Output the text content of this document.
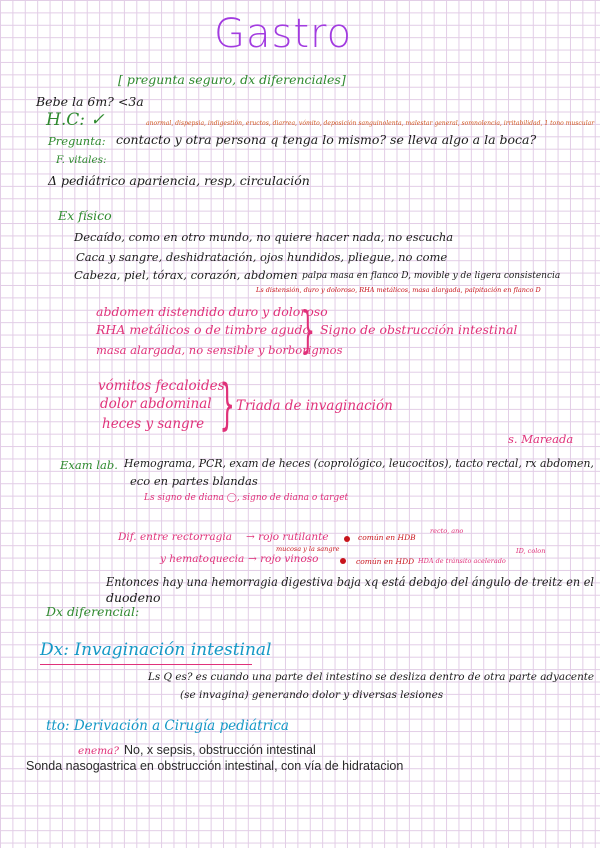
Gastro
[ pregunta seguro, dx diferenciales]
Bebe la 6m? <3a
H.C: ✓	anormal, dispepsia, indigestión, eructos, diarrea, vómito, deposición sanguinolenta, malestar general, somnolencia, irritabilidad, 1 tono muscular
Pregunta: contacto y otra persona q tenga lo mismo? se lleva algo a la boca?
F. vitales:
Δ pediátrico apariencia, resp, circulación
Ex físico
Decaído, como en otro mundo, no quiere hacer nada, no escucha
Caca y sangre, deshidratación, ojos hundidos, pliegue, no come
Cabeza, piel, tórax, corazón, abdomen palpa masa en flanco D, movible y de ligera consistencia
Ls distensión, duro y doloroso, RHA metálicos, masa alargada, palpitación en flanco D
abdomen distendido duro y doloroso
RHA metálicos o de timbre agudo
masa alargada, no sensible y borborigmos
} Signo de obstrucción intestinal
vómitos fecaloides
dolor abdominal
heces y sangre } Triada de invaginación
s. Mareada
Exam lab. Hemograma, PCR, exam de heces (coprológico, leucocitos), tacto rectal, rx abdomen,
eco en partes blandas
Ls signo de diana ◯, signo de diana o target
Dif. entre rectorragia → rojo rutilante	común en HDB
recto, ano
mucosa y la sangre
y hematoquecia → rojo vinoso	común en HDD HDA de tránsito acelerado
ID, colon
Entonces hay una hemorragia digestiva baja xq está debajo del ángulo de treitz en el
duodeno
Dx diferencial:
Dx: Invaginación intestinal
Ls Q es? es cuando una parte del intestino se desliza dentro de otra parte adyacente
(se invagina) generando dolor y diversas lesiones
tto: Derivación a Cirugía pediátrica
enema? No, x sepsis, obstrucción intestinal
Sonda nasogastrica en obstrucción intestinal, con vía de hidratacion
